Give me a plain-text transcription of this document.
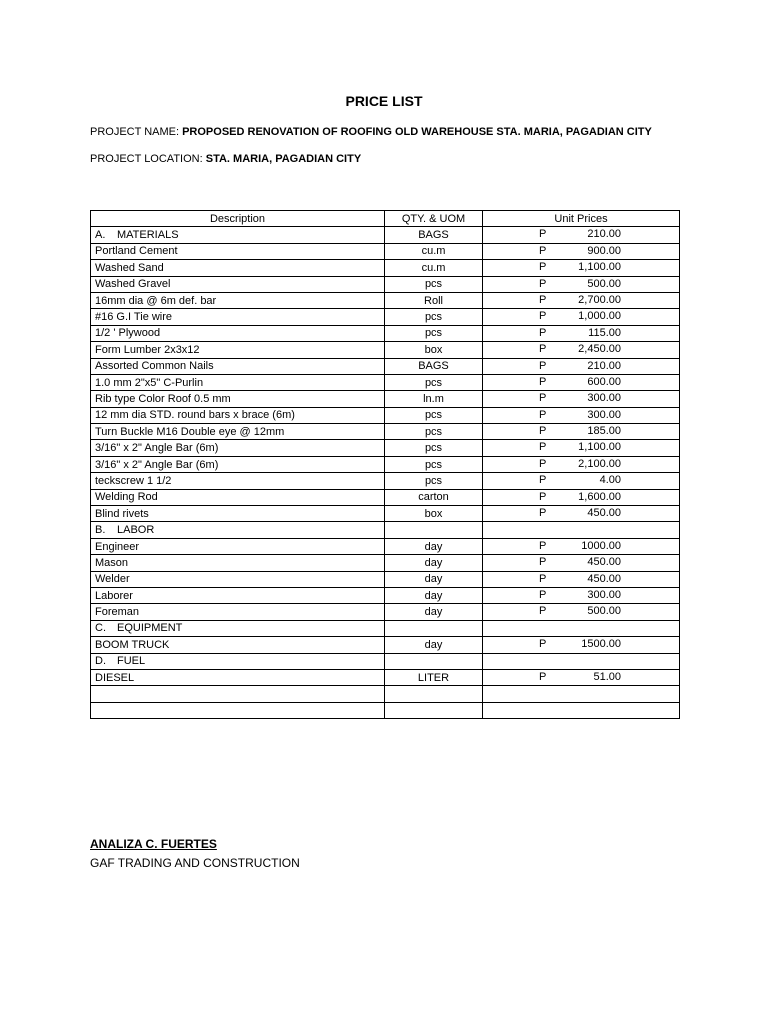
PRICE LIST
PROJECT NAME: PROPOSED RENOVATION OF ROOFING OLD WAREHOUSE STA. MARIA, PAGADIAN CITY
PROJECT LOCATION: STA. MARIA, PAGADIAN CITY
Description	QTY. & UOM	Unit Prices
A. MATERIALS	BAGS	P 210.00

Portland Cement	cu.m	P 900.00

Washed Sand	cu.m	P 1,100.00

Washed Gravel	pcs	P 500.00

16mm dia @ 6m def. bar	Roll	P 2,700.00

#16 G.I Tie wire	pcs	P 1,000.00

1/2 ' Plywood	pcs	P 115.00

Form Lumber 2x3x12	box	P 2,450.00

Assorted Common Nails	BAGS	P 210.00

1.0 mm 2"x5" C-Purlin	pcs	P 600.00

Rib type Color Roof 0.5 mm	ln.m	P 300.00

12 mm dia STD. round bars x brace (6m)	pcs	P 300.00

Turn Buckle M16 Double eye @ 12mm	pcs	P 185.00

3/16" x 2" Angle Bar (6m)	pcs	P 1,100.00

3/16" x 2" Angle Bar (6m)	pcs	P 2,100.00

teckscrew 1 1/2	pcs	P 4.00

Welding Rod	carton	P 1,600.00

Blind rivets	box	P 450.00

B. LABOR		

Engineer	day	P 1000.00

Mason	day	P 450.00

Welder	day	P 450.00

Laborer	day	P 300.00

Foreman	day	P 500.00

C. EQUIPMENT		

BOOM TRUCK	day	P 1500.00

D. FUEL		

DIESEL	LITER	P 51.00

ANALIZA C. FUERTES
GAF TRADING AND CONSTRUCTION
